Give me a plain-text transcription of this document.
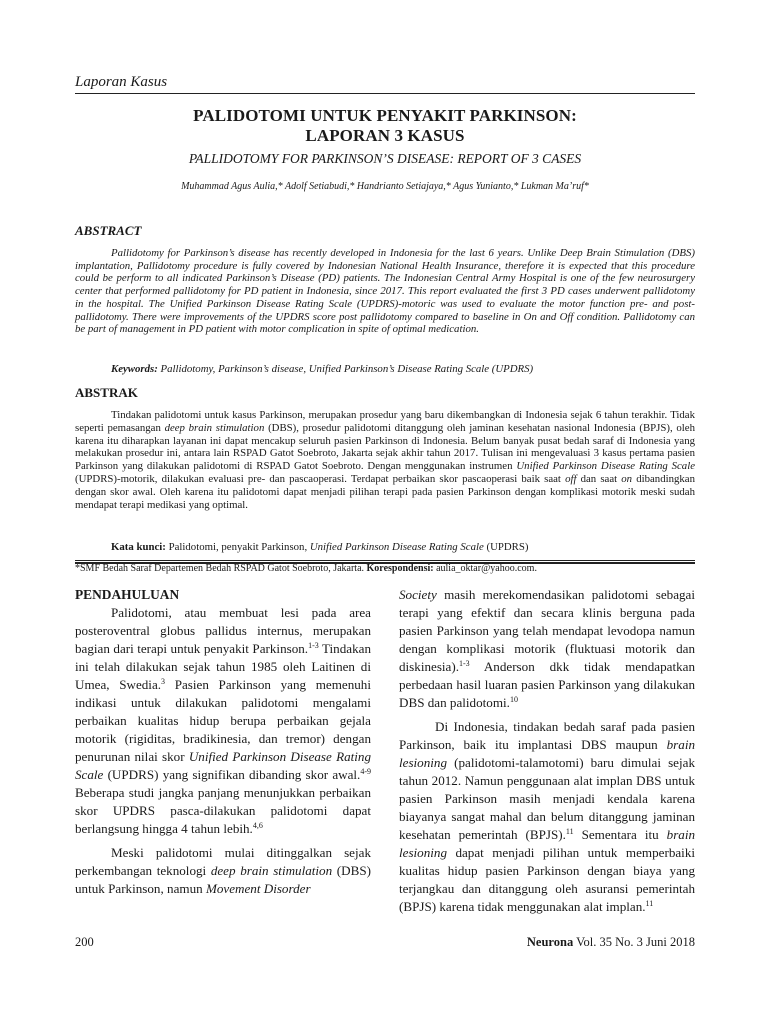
Laporan Kasus
PALIDOTOMI UNTUK PENYAKIT PARKINSON:
LAPORAN 3 KASUS
PALLIDOTOMY FOR PARKINSON’S DISEASE: REPORT OF 3 CASES
Muhammad Agus Aulia,* Adolf Setiabudi,* Handrianto Setiajaya,* Agus Yunianto,* Lukman Ma’ruf*
ABSTRACT

Pallidotomy for Parkinson’s disease has recently developed in Indonesia for the last 6 years. Unlike Deep Brain Stimulation (DBS) implantation, Pallidotomy procedure is fully covered by Indonesian National Health Insurance, therefore it is expected that this procedure could be perform to all indicated Parkinson’s Disease (PD) patients. The Indonesian Central Army Hospital is one of the few neurosurgery center that performed pallidotomy for PD patient in Indonesia, since 2017. This report evaluated the first 3 PD cases underwent pallidotomy in the hospital. The Unified Parkinson Disease Rating Scale (UPDRS)-motoric was used to evaluate the motor function pre- and post-pallidotomy. There were improvements of the UPDRS score post pallidotomy compared to baseline in On and Off condition. Pallidotomy can be part of management in PD patient with motor complication in spite of optimal medication.

Keywords: Pallidotomy, Parkinson’s disease, Unified Parkinson’s Disease Rating Scale (UPDRS)
ABSTRAK

Tindakan palidotomi untuk kasus Parkinson, merupakan prosedur yang baru dikembangkan di Indonesia sejak 6 tahun terakhir. Tidak seperti pemasangan deep brain stimulation (DBS), prosedur palidotomi ditanggung oleh jaminan kesehatan nasional Indonesia (BPJS), oleh karena itu diharapkan layanan ini dapat mencakup seluruh pasien Parkinson di Indonesia. Belum banyak pusat bedah saraf di Indonesia yang melakukan prosedur ini, antara lain RSPAD Gatot Soebroto, Jakarta sejak akhir tahun 2017. Tulisan ini mengevaluasi 3 kasus pertama pasien Parkinson yang dilakukan palidotomi di RSPAD Gatot Soebroto. Dengan menggunakan instrumen Unified Parkinson Disease Rating Scale (UPDRS)-motorik, dilakukan evaluasi pre- dan pascaoperasi. Terdapat perbaikan skor pascaoperasi baik saat off dan saat on dibandingkan dengan skor awal. Oleh karena itu palidotomi dapat menjadi pilihan terapi pada pasien Parkinson dengan komplikasi motorik meski sudah mendapat terapi medikasi yang optimal.

Kata kunci: Palidotomi, penyakit Parkinson, Unified Parkinson Disease Rating Scale (UPDRS)
*SMF Bedah Saraf Departemen Bedah RSPAD Gatot Soebroto, Jakarta. Korespondensi: aulia_oktar@yahoo.com.
PENDAHULUAN

Palidotomi, atau membuat lesi pada area posteroventral globus pallidus internus, merupakan bagian dari terapi untuk penyakit Parkinson.$^{1-3}$ Tindakan ini telah dilakukan sejak tahun 1985 oleh Laitinen di Umea, Swedia.$^3$ Pasien Parkinson yang memenuhi indikasi untuk dilakukan palidotomi mengalami perbaikan kualitas hidup berupa perbaikan gejala motorik (rigiditas, bradikinesia, dan tremor) dengan penurunan nilai skor Unified Parkinson Disease Rating Scale (UPDRS) yang signifikan dibanding skor awal.$^{4-9}$ Beberapa studi jangka panjang menunjukkan perbaikan skor UPDRS pasca-dilakukan palidotomi dapat berlangsung hingga 4 tahun lebih.$^{4,6}$

Meski palidotomi mulai ditinggalkan sejak perkembangan teknologi deep brain stimulation (DBS) untuk Parkinson, namun Movement Disorder

Society masih merekomendasikan palidotomi sebagai terapi yang efektif dan secara klinis berguna pada pasien Parkinson yang telah mendapat levodopa namun dengan komplikasi motorik (fluktuasi motorik dan diskinesia).$^{1-3}$ Anderson dkk tidak mendapatkan perbedaan hasil luaran pasien Parkinson yang dilakukan DBS dan palidotomi.$^{10}$

Di Indonesia, tindakan bedah saraf pada pasien Parkinson, baik itu implantasi DBS maupun brain lesioning (palidotomi-talamotomi) baru dimulai sejak tahun 2012. Namun penggunaan alat implan DBS untuk pasien Parkinson masih menjadi kendala karena biayanya sangat mahal dan belum ditanggung jaminan kesehatan pemerintah (BPJS).$^{11}$ Sementara itu brain lesioning dapat menjadi pilihan untuk memperbaiki kualitas hidup pasien Parkinson dengan biaya yang terjangkau dan ditanggung oleh asuransi pemerintah (BPJS) karena tidak menggunakan alat implan.$^{11}$

200	Neurona Vol. 35 No. 3 Juni 2018
